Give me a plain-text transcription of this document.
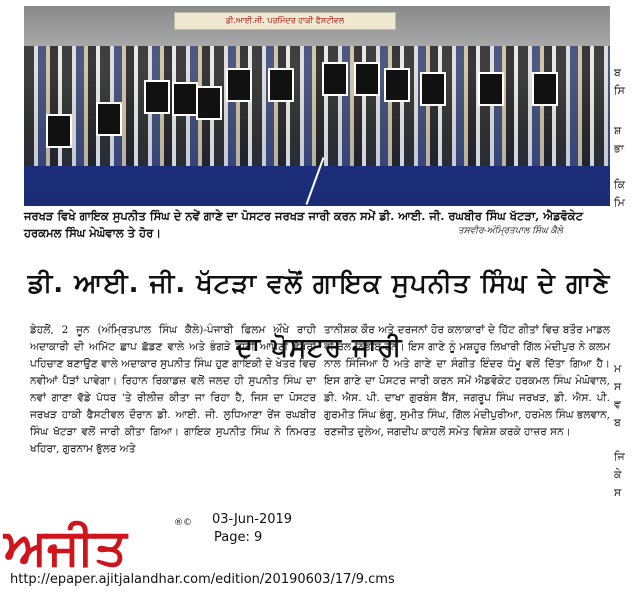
ਡੀ.ਆਈ.ਜੀ. ਪਰਮਿੰਦਰ ਹਾਕੀ ਫੈਸਟੀਵਲ
ਬ
ਸਿ
ਸ਼
ਭਾ
ਕਿ
ਮਿ
ਮ
ਸ
ਵ
ਬ
ਜਿ
ਕੇ
ਸ
ਜਰਖੜ ਵਿਖੇ ਗਾਇਕ ਸੁਪਨੀਤ ਸਿੰਘ ਦੇ ਨਵੇਂ ਗਾਣੇ ਦਾ ਪੋਸਟਰ ਜਰਖੜ ਜਾਰੀ ਕਰਨ ਸਮੇਂ ਡੀ. ਆਈ. ਜੀ. ਰਘਬੀਰ ਸਿੰਘ ਖੱਟੜਾ, ਐਡਵੋਕੇਟ ਹਰਕਮਲ ਸਿੰਘ ਮੇਘੋਵਾਲ ਤੇ ਹੋਰ।	ਤਸਵੀਰ-ਅੰਮ੍ਰਿਤਪਾਲ ਸਿੰਘ ਕੈਲੇ
ਡੀ. ਆਈ. ਜੀ. ਖੱਟੜਾ ਵਲੋਂ ਗਾਇਕ ਸੁਪਨੀਤ ਸਿੰਘ ਦੇ ਗਾਣੇ ਦਾ ਪੋਸਟਰ ਜਾਰੀ

ਡੇਹਲੋਂ, 2 ਜੂਨ (ਅੰਮ੍ਰਿਤਪਾਲ ਸਿੰਘ ਕੈਲੇ)-ਪੰਜਾਬੀ ਫਿਲਮ ਔਖੇ ਰਾਹੀ ਅਦਾਕਾਰੀ ਦੀ ਅਮਿੱਟ ਛਾਪ ਛੱਡਣ ਵਾਲੇ ਅਤੇ ਭੰਗੜੇ ਰਾਹੀ ਆਪਣੀ ਵੱਖਰੀ ਪਹਿਚਾਣ ਬਣਾਉਣ ਵਾਲੇ ਅਦਾਕਾਰ ਸੁਪਨੀਤ ਸਿੰਘ ਹੁਣ ਗਾਇਕੀ ਦੇ ਖੇਤਰ ਵਿਚ ਨਵੀਆਂ ਪੈੜਾਂ ਪਾਵੇਗਾ। ਰਿਹਾਨ ਰਿਕਾਡਜ਼ ਵਲੋਂ ਜਲਦ ਹੀ ਸੁਪਨੀਤ ਸਿੰਘ ਦਾ ਨਵਾਂ ਗਾਣਾ ਵੱਡੇ ਪੱਧਰ 'ਤੇ ਰੀਲੀਜ਼ ਕੀਤਾ ਜਾ ਰਿਹਾ ਹੈ, ਜਿਸ ਦਾ ਪੋਸਟਰ ਜਰਖੜ ਹਾਕੀ ਫੈਸਟੀਵਲ ਦੌਰਾਨ ਡੀ. ਆਈ. ਜੀ. ਲੁਧਿਆਣਾ ਰੇਂਜ ਰਘਬੀਰ ਸਿੰਘ ਖੱਟੜਾ ਵਲੋਂ ਜਾਰੀ ਕੀਤਾ ਗਿਆ। ਗਾਇਕ ਸੁਪਨੀਤ ਸਿੰਘ ਨੇ ਨਿਮਰਤ ਖਹਿਰਾ, ਗੁਰਨਾਮ ਭੁੱਲਰ ਅਤੇ

ਤਾਨੀਸ਼ਕ ਕੌਰ ਅਤੇ ਦਰਜਨਾਂ ਹੋਰ ਕਲਾਕਾਰਾਂ ਦੇ ਹਿੱਟ ਗੀਤਾਂ ਵਿਚ ਬਤੌਰ ਮਾਡਲ ਵੀ ਰੋਲ ਨਿਭਾਏ ਹਨ। ਇਸ ਗਾਣੇ ਨੂੰ ਮਸ਼ਹੂਰ ਲਿਖਾਰੀ ਗਿੱਲ ਮੰਦੀਪੁਰ ਨੇ ਕਲਮ ਨਾਲ ਸਿੰਜਿਆ ਹੈ ਅਤੇ ਗਾਣੇ ਦਾ ਸੰਗੀਤ ਇੰਦਰ ਧੰਮੂ ਵਲੋਂ ਦਿੱਤਾ ਗਿਆ ਹੈ। ਇਸ ਗਾਣੇ ਦਾ ਪੋਸਟਰ ਜਾਰੀ ਕਰਨ ਸਮੇਂ ਐਡਵੋਕੇਟ ਹਰਕਮਲ ਸਿੰਘ ਮੇਘੋਵਾਲ, ਡੀ. ਐਸ. ਪੀ. ਦਾਖਾ ਗੁਰਬੰਸ ਬੈਂਸ, ਜਗਰੂਪ ਸਿੰਘ ਜਰਖੜ, ਡੀ. ਐਸ. ਪੀ. ਗੁਰਮੀਤ ਸਿੰਘ ਭੰਗੂ, ਸੁਮੀਤ ਸਿੰਘ, ਗਿੱਲ ਮੰਦੀਪੁਰੀਆ, ਹਰਮੇਲ ਸਿੰਘ ਭਲਵਾਨ, ਰਣਜੀਤ ਦੁਲੇਅ, ਜਗਦੀਪ ਕਾਹਲੋਂ ਸਮੇਤ ਵਿਸ਼ੇਸ਼ ਕਰਕੇ ਹਾਜ਼ਰ ਸਨ।

ਅਜੀਤ	®© 03-Jun-2019
Page: 9
http://epaper.ajitjalandhar.com/edition/20190603/17/9.cms
